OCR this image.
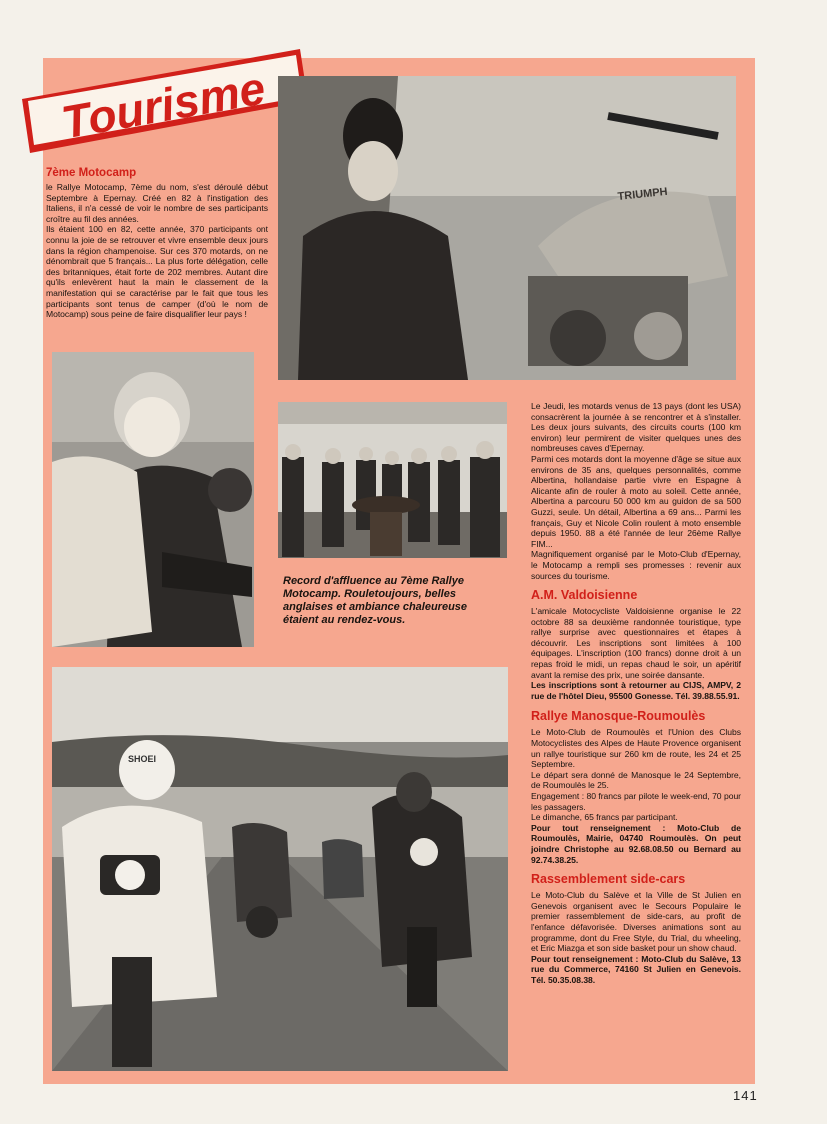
Tourisme
TRIUMPH
SHOEI
7ème Motocamp

le Rallye Motocamp, 7ème du nom, s'est déroulé début Septembre à Epernay. Créé en 82 à l'instigation des Italiens, il n'a cessé de voir le nombre de ses participants croître au fil des années.

Ils étaient 100 en 82, cette année, 370 participants ont connu la joie de se retrouver et vivre ensemble deux jours dans la région champenoise. Sur ces 370 motards, on ne dénombrait que 5 français... La plus forte délégation, celle des britanniques, était forte de 202 membres. Autant dire qu'ils enlevèrent haut la main le classement de la manifestation qui se caractérise par le fait que tous les participants sont tenus de camper (d'où le nom de Motocamp) sous peine de faire disqualifier leur pays !

Record d'affluence au 7ème Rallye Motocamp. Rouletoujours, belles anglaises et ambiance chaleureuse étaient au rendez-vous.

Le Jeudi, les motards venus de 13 pays (dont les USA) consacrèrent la journée à se rencontrer et à s'installer. Les deux jours suivants, des circuits courts (100 km environ) leur permirent de visiter quelques unes des nombreuses caves d'Epernay.

Parmi ces motards dont la moyenne d'âge se situe aux environs de 35 ans, quelques personnalités, comme Albertina, hollandaise partie vivre en Espagne à Alicante afin de rouler à moto au soleil. Cette année, Albertina a parcouru 50 000 km au guidon de sa 500 Guzzi, seule. Un détail, Albertina a 69 ans... Parmi les français, Guy et Nicole Colin roulent à moto ensemble depuis 1950. 88 a été l'année de leur 26ème Rallye FIM...

Magnifiquement organisé par le Moto-Club d'Epernay, le Motocamp a rempli ses promesses : revenir aux sources du tourisme.

A.M. Valdoisienne

L'amicale Motocycliste Valdoisienne organise le 22 octobre 88 sa deuxième randonnée touristique, type rallye surprise avec questionnaires et étapes à découvrir. Les inscriptions sont limitées à 100 équipages. L'inscription (100 francs) donne droit à un repas froid le midi, un repas chaud le soir, un apéritif avant la remise des prix, une soirée dansante.

Les inscriptions sont à retourner au CIJS, AMPV, 2 rue de l'hôtel Dieu, 95500 Gonesse. Tél. 39.88.55.91.

Rallye Manosque-Roumoulès

Le Moto-Club de Roumoulès et l'Union des Clubs Motocyclistes des Alpes de Haute Provence organisent un rallye touristique sur 260 km de route, les 24 et 25 Septembre.

Le départ sera donné de Manosque le 24 Septembre, de Roumoulès le 25.

Engagement : 80 francs par pilote le week-end, 70 pour les passagers.

Le dimanche, 65 francs par participant.

Pour tout renseignement : Moto-Club de Roumoulès, Mairie, 04740 Roumoulès. On peut joindre Christophe au 92.68.08.50 ou Bernard au 92.74.38.25.

Rassemblement side-cars

Le Moto-Club du Salève et la Ville de St Julien en Genevois organisent avec le Secours Populaire le premier rassemblement de side-cars, au profit de l'enfance défavorisée. Diverses animations sont au programme, dont du Free Style, du Trial, du wheeling, et Eric Miazga et son side basket pour un show chaud.

Pour tout renseignement : Moto-Club du Salève, 13 rue du Commerce, 74160 St Julien en Genevois. Tél. 50.35.08.38.

141
